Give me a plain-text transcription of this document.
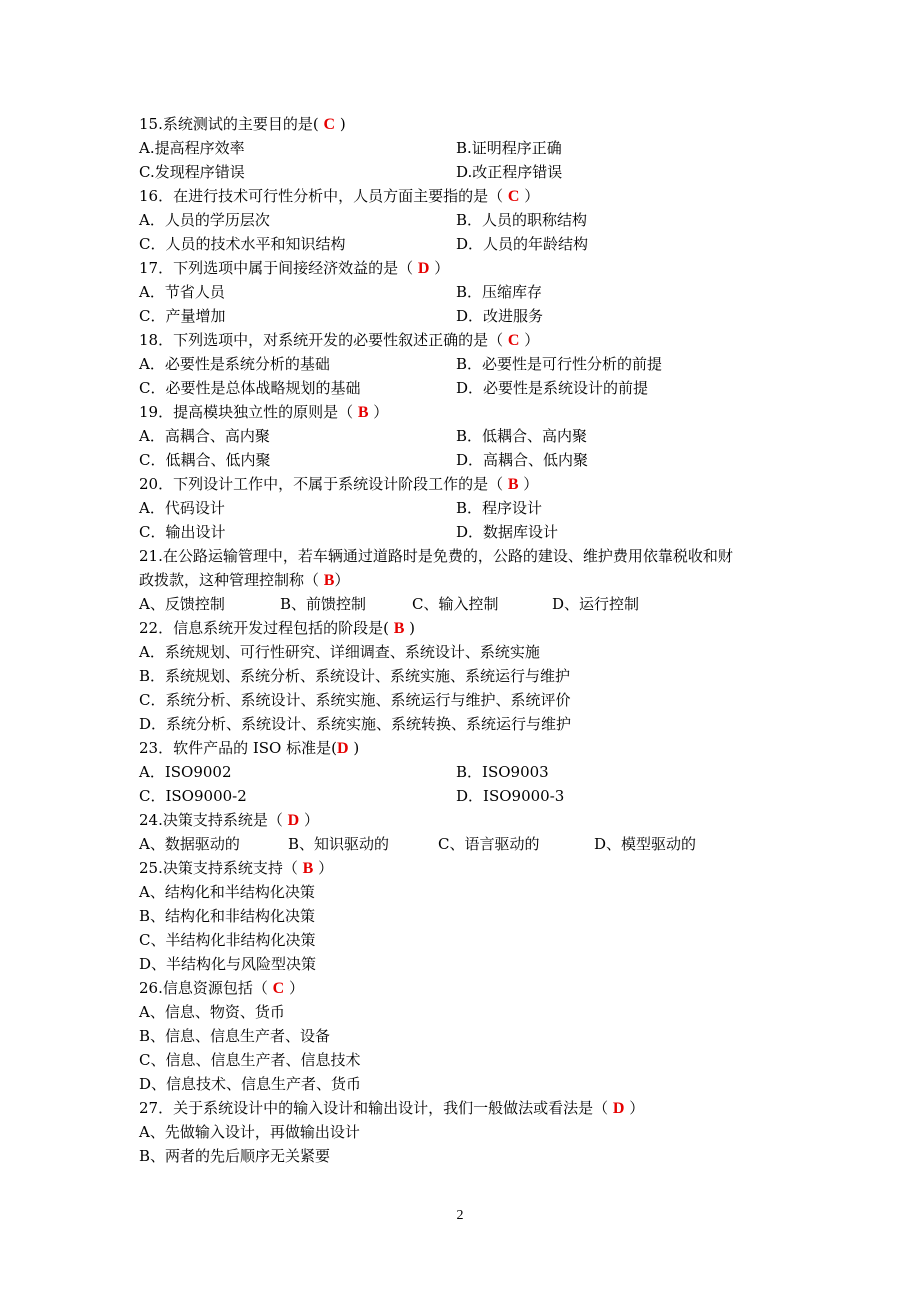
15.系统测试的主要目的是( C )
A.提高程序效率	B.证明程序正确
C.发现程序错误	D.改正程序错误
16．在进行技术可行性分析中，人员方面主要指的是（ C ）
A．人员的学历层次	B．人员的职称结构
C．人员的技术水平和知识结构	D．人员的年龄结构
17．下列选项中属于间接经济效益的是（ D ）
A．节省人员	B．压缩库存
C．产量增加	D．改进服务
18．下列选项中，对系统开发的必要性叙述正确的是（ C ）
A．必要性是系统分析的基础	B．必要性是可行性分析的前提
C．必要性是总体战略规划的基础	D．必要性是系统设计的前提
19．提高模块独立性的原则是（ B ）
A．高耦合、高内聚	B．低耦合、高内聚
C．低耦合、低内聚	D．高耦合、低内聚
20．下列设计工作中，不属于系统设计阶段工作的是（ B ）
A．代码设计	B．程序设计
C．输出设计	D．数据库设计
21.在公路运输管理中，若车辆通过道路时是免费的，公路的建设、维护费用依靠税收和财
政拨款，这种管理控制称（ B）
A、反馈控制	B、前馈控制	C、输入控制	D、运行控制
22．信息系统开发过程包括的阶段是( B )
A．系统规划、可行性研究、详细调查、系统设计、系统实施
B．系统规划、系统分析、系统设计、系统实施、系统运行与维护
C．系统分析、系统设计、系统实施、系统运行与维护、系统评价
D．系统分析、系统设计、系统实施、系统转换、系统运行与维护
23．软件产品的 ISO 标准是(D )
A．ISO9002	B．ISO9003
C．ISO9000-2	D．ISO9000-3
24.决策支持系统是（ D ）
A、数据驱动的	B、知识驱动的	C、语言驱动的	D、模型驱动的
25.决策支持系统支持（ B ）
A、结构化和半结构化决策
B、结构化和非结构化决策
C、半结构化非结构化决策
D、半结构化与风险型决策
26.信息资源包括（ C ）
A、信息、物资、货币
B、信息、信息生产者、设备
C、信息、信息生产者、信息技术
D、信息技术、信息生产者、货币
27．关于系统设计中的输入设计和输出设计，我们一般做法或看法是（ D ）
A、先做输入设计，再做输出设计
B、两者的先后顺序无关紧要
2
